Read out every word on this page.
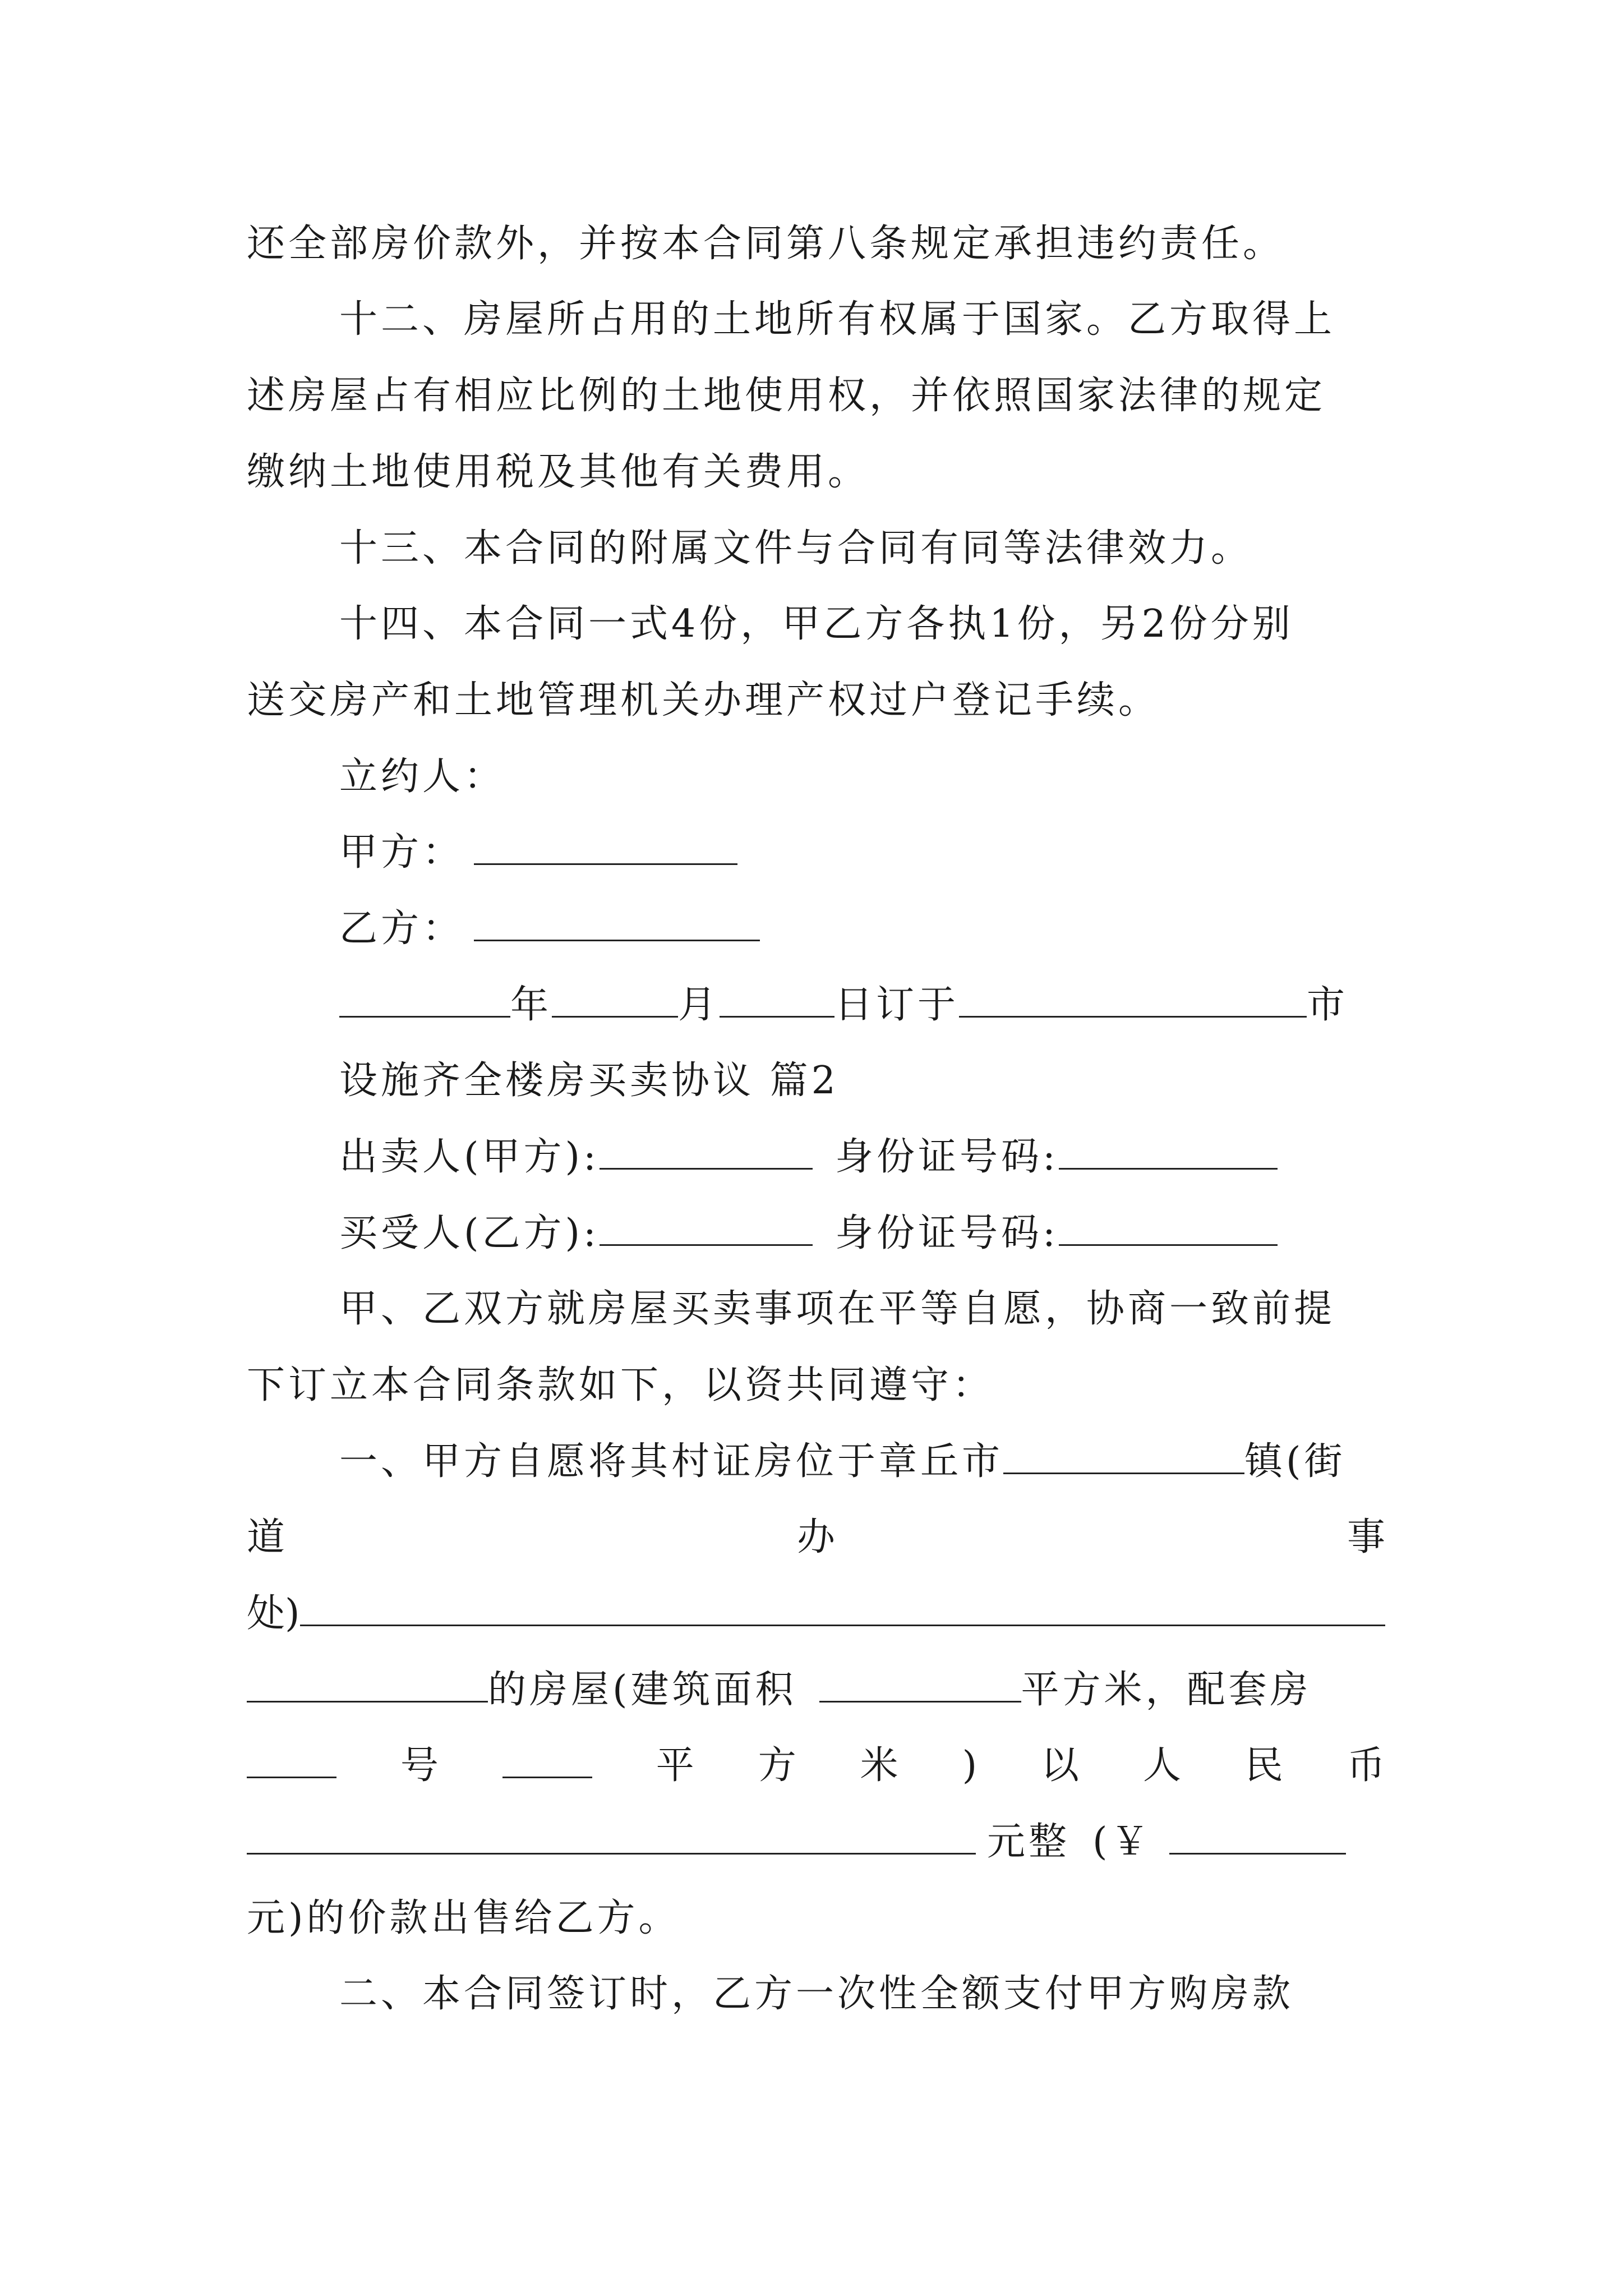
还全部房价款外，并按本合同第八条规定承担违约责任。
十二、房屋所占用的土地所有权属于国家。乙方取得上
述房屋占有相应比例的土地使用权，并依照国家法律的规定
缴纳土地使用税及其他有关费用。
十三、本合同的附属文件与合同有同等法律效力。
十四、本合同一式4份，甲乙方各执1份，另2份分别
送交房产和土地管理机关办理产权过户登记手续。
立约人：
甲方：
乙方：
年	月	日订于	市
设施齐全楼房买卖协议 篇2
出卖人(甲方):	身份证号码:
买受人(乙方):	身份证号码:
甲、乙双方就房屋买卖事项在平等自愿，协商一致前提
下订立本合同条款如下，以资共同遵守：
一、甲方自愿将其村证房位于章丘市	镇(街
道	办	事
处)
的房屋(建筑面积	平方米，配套房
号	平 方 米 ) 以 人 民 币
元整 (￥
元)的价款出售给乙方。
二、本合同签订时，乙方一次性全额支付甲方购房款
